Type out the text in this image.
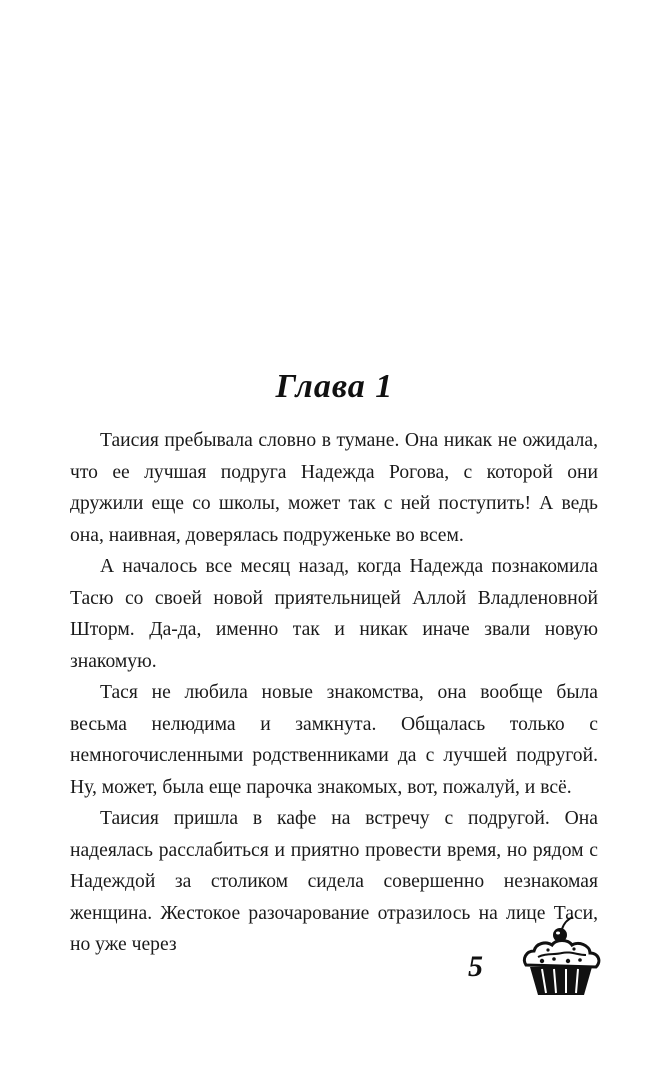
Глава 1

Таисия пребывала словно в тумане. Она никак не ожидала, что ее лучшая подруга Надежда Рогова, с которой они дружили еще со школы, может так с ней поступить! А ведь она, наивная, доверялась подруженьке во всем.

А началось все месяц назад, когда Надежда познакомила Тасю со своей новой приятельницей Аллой Владленовной Шторм. Да-да, именно так и никак иначе звали новую знакомую.

Тася не любила новые знакомства, она вообще была весьма нелюдима и замкнута. Общалась только с немногочисленными родственниками да с лучшей подругой. Ну, может, была еще парочка знакомых, вот, пожалуй, и всё.

Таисия пришла в кафе на встречу с подругой. Она надеялась расслабиться и приятно провести время, но рядом с Надеждой за столиком сидела совершенно незнакомая женщина. Жестокое разочарование отразилось на лице Таси, но уже через

5
